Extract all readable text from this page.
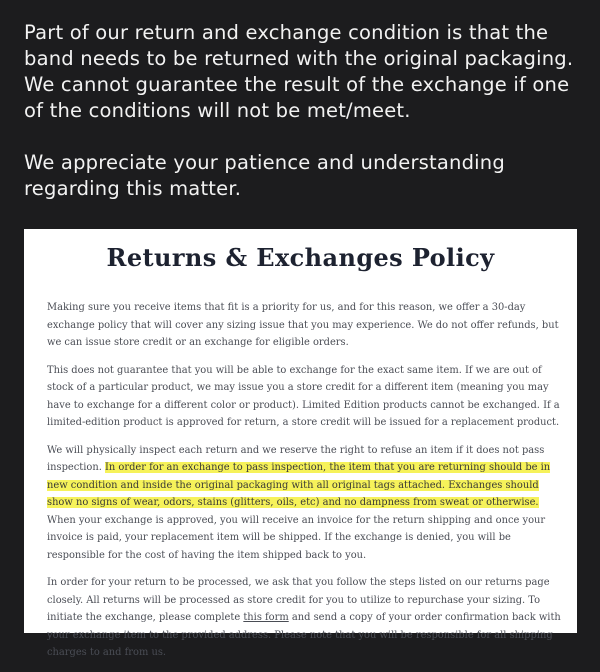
Part of our return and exchange condition is that the band needs to be returned with the original packaging. We cannot guarantee the result of the exchange if one of the conditions will not be met/meet.

We appreciate your patience and understanding regarding this matter.

Returns & Exchanges Policy

Making sure you receive items that fit is a priority for us, and for this reason, we offer a 30-day exchange policy that will cover any sizing issue that you may experience. We do not offer refunds, but we can issue store credit or an exchange for eligible orders.

This does not guarantee that you will be able to exchange for the exact same item. If we are out of stock of a particular product, we may issue you a store credit for a different item (meaning you may have to exchange for a different color or product). Limited Edition products cannot be exchanged. If a limited-edition product is approved for return, a store credit will be issued for a replacement product.

We will physically inspect each return and we reserve the right to refuse an item if it does not pass inspection. In order for an exchange to pass inspection, the item that you are returning should be in new condition and inside the original packaging with all original tags attached. Exchanges should show no signs of wear, odors, stains (glitters, oils, etc) and no dampness from sweat or otherwise. When your exchange is approved, you will receive an invoice for the return shipping and once your invoice is paid, your replacement item will be shipped. If the exchange is denied, you will be responsible for the cost of having the item shipped back to you.

In order for your return to be processed, we ask that you follow the steps listed on our returns page closely. All returns will be processed as store credit for you to utilize to repurchase your sizing. To initiate the exchange, please complete this form and send a copy of your order confirmation back with your exchange item to the provided address. Please note that you will be responsible for all shipping charges to and from us.
